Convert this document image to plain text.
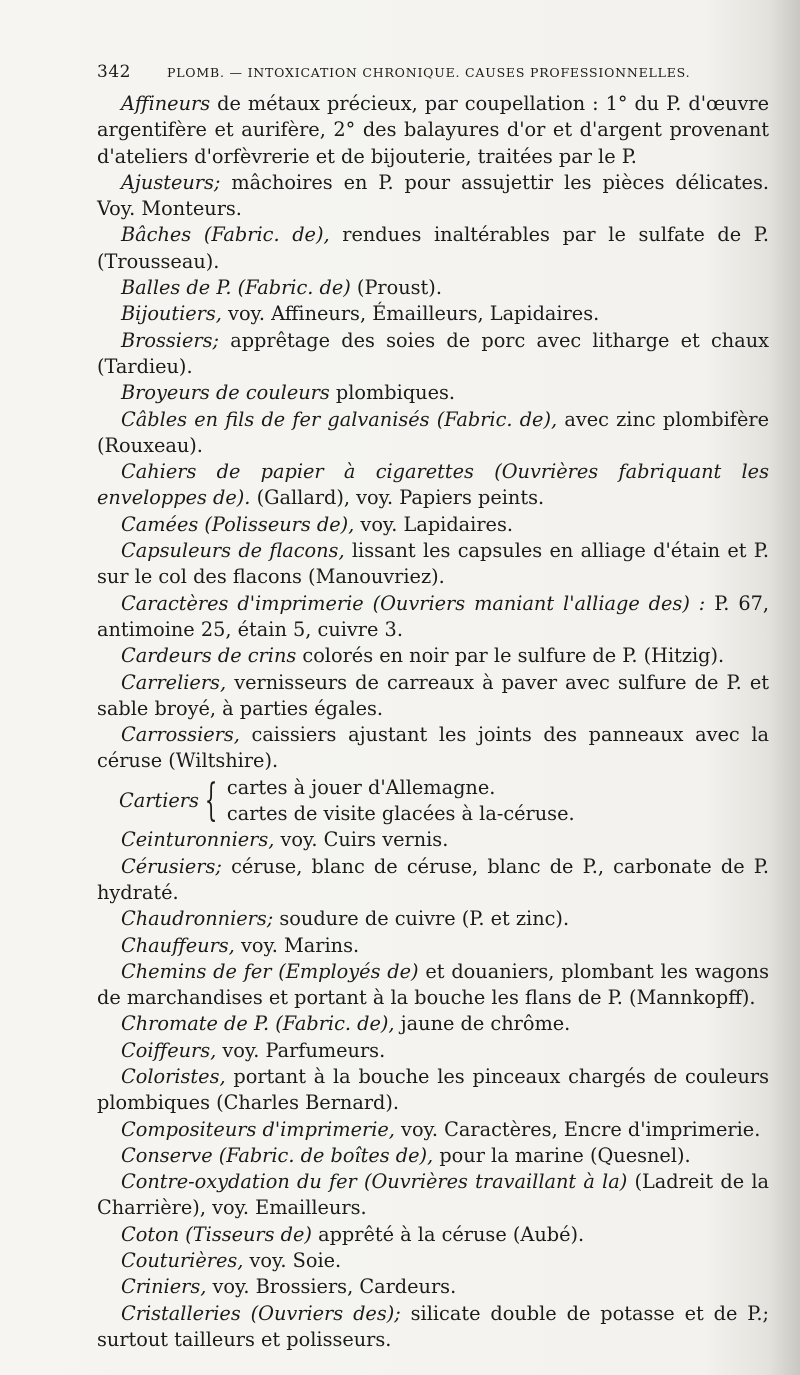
342	PLOMB. — INTOXICATION CHRONIQUE. CAUSES PROFESSIONNELLES.

Affineurs de métaux précieux, par coupellation : 1° du P. d'œuvre argentifère et aurifère, 2° des balayures d'or et d'argent provenant d'ateliers d'orfèvrerie et de bijouterie, traitées par le P.

Ajusteurs; mâchoires en P. pour assujettir les pièces délicates. Voy. Monteurs.

Bâches (Fabric. de), rendues inaltérables par le sulfate de P. (Trousseau).

Balles de P. (Fabric. de) (Proust).

Bijoutiers, voy. Affineurs, Émailleurs, Lapidaires.

Brossiers; apprêtage des soies de porc avec litharge et chaux (Tardieu).

Broyeurs de couleurs plombiques.

Câbles en fils de fer galvanisés (Fabric. de), avec zinc plombifère (Rouxeau).

Cahiers de papier à cigarettes (Ouvrières fabriquant les enveloppes de). (Gallard), voy. Papiers peints.

Camées (Polisseurs de), voy. Lapidaires.

Capsuleurs de flacons, lissant les capsules en alliage d'étain et P. sur le col des flacons (Manouvriez).

Caractères d'imprimerie (Ouvriers maniant l'alliage des) : P. 67, antimoine 25, étain 5, cuivre 3.

Cardeurs de crins colorés en noir par le sulfure de P. (Hitzig).

Carreliers, vernisseurs de carreaux à paver avec sulfure de P. et sable broyé, à parties égales.

Carrossiers, caissiers ajustant les joints des panneaux avec la céruse (Wiltshire).

Cartiers { cartes à jouer d'Allemagne.
cartes de visite glacées à la-céruse.

Ceinturonniers, voy. Cuirs vernis.

Cérusiers; céruse, blanc de céruse, blanc de P., carbonate de P. hydraté.

Chaudronniers; soudure de cuivre (P. et zinc).

Chauffeurs, voy. Marins.

Chemins de fer (Employés de) et douaniers, plombant les wagons de marchandises et portant à la bouche les flans de P. (Mannkopff).

Chromate de P. (Fabric. de), jaune de chrôme.

Coiffeurs, voy. Parfumeurs.

Coloristes, portant à la bouche les pinceaux chargés de couleurs plombiques (Charles Bernard).

Compositeurs d'imprimerie, voy. Caractères, Encre d'imprimerie.

Conserve (Fabric. de boîtes de), pour la marine (Quesnel).

Contre-oxydation du fer (Ouvrières travaillant à la) (Ladreit de la Charrière), voy. Emailleurs.

Coton (Tisseurs de) apprêté à la céruse (Aubé).

Couturières, voy. Soie.

Criniers, voy. Brossiers, Cardeurs.

Cristalleries (Ouvriers des); silicate double de potasse et de P.; surtout tailleurs et polisseurs.
